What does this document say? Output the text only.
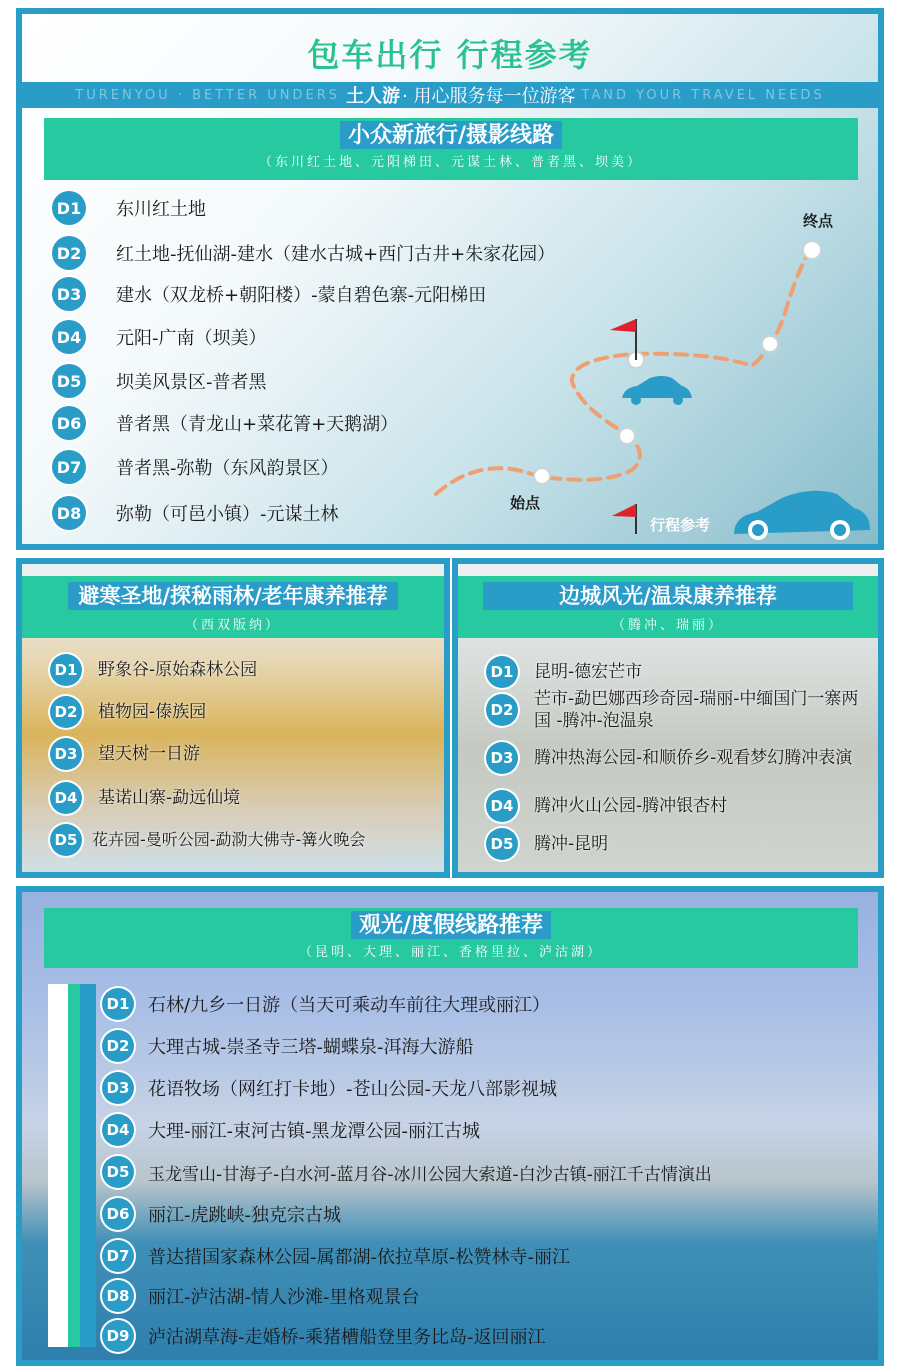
包车出行 行程参考
TURENYOU · BETTER UNDERS 土人游 · 用心服务每一位游客 TAND YOUR TRAVEL NEEDS
小众新旅行/摄影线路
（东川红土地、元阳梯田、元谋土林、普者黑、坝美）
D1 东川红土地
D2 红土地-抚仙湖-建水（建水古城+西门古井+朱家花园）
D3 建水（双龙桥+朝阳楼）-蒙自碧色寨-元阳梯田
D4 元阳-广南（坝美）
D5 坝美风景区-普者黑
D6 普者黑（青龙山+菜花箐+天鹅湖）
D7 普者黑-弥勒（东风韵景区）
D8 弥勒（可邑小镇）-元谋土林
终点
始点
行程参考
避寒圣地/探秘雨林/老年康养推荐
（西双版纳）
D1 野象谷-原始森林公园
D2 植物园-傣族园
D3 望天树一日游
D4 基诺山寨-勐远仙境
D5 花卉园-曼听公园-勐泐大佛寺-篝火晚会
边城风光/温泉康养推荐
（腾冲、瑞丽）
D1 昆明-德宏芒市
D2
芒市-勐巴娜西珍奇园-瑞丽-中缅国门一寨两国 -腾冲-泡温泉
D3 腾冲热海公园-和顺侨乡-观看梦幻腾冲表演
D4 腾冲火山公园-腾冲银杏村
D5 腾冲-昆明
观光/度假线路推荐
（昆明、大理、丽江、香格里拉、泸沽湖）
D1 石林/九乡一日游（当天可乘动车前往大理或丽江）
D2 大理古城-崇圣寺三塔-蝴蝶泉-洱海大游船
D3 花语牧场（网红打卡地）-苍山公园-天龙八部影视城
D4 大理-丽江-束河古镇-黑龙潭公园-丽江古城
D5 玉龙雪山-甘海子-白水河-蓝月谷-冰川公园大索道-白沙古镇-丽江千古情演出
D6 丽江-虎跳峡-独克宗古城
D7 普达措国家森林公园-属都湖-依拉草原-松赞林寺-丽江
D8 丽江-泸沽湖-情人沙滩-里格观景台
D9 泸沽湖草海-走婚桥-乘猪槽船登里务比岛-返回丽江
